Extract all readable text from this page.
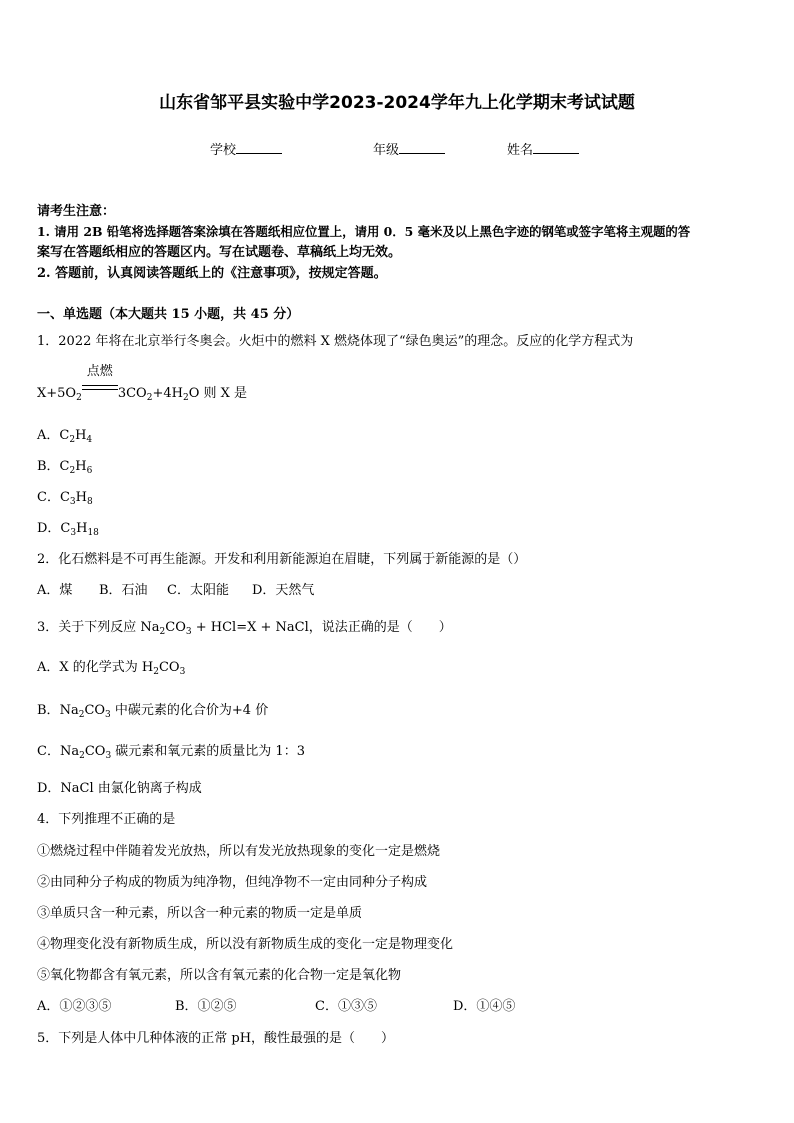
山东省邹平县实验中学2023-2024学年九上化学期末考试试题
学校	年级	姓名
请考生注意：
1. 请用 2B 铅笔将选择题答案涂填在答题纸相应位置上，请用 0．5 毫米及以上黑色字迹的钢笔或签字笔将主观题的答
案写在答题纸相应的答题区内。写在试题卷、草稿纸上均无效。
2. 答题前，认真阅读答题纸上的《注意事项》，按规定答题。
一、单选题（本大题共 15 小题，共 45 分）
1．2022 年将在北京举行冬奥会。火炬中的燃料 X 燃烧体现了“绿色奥运”的理念。反应的化学方程式为
$X+5O_2$
点燃
$3CO_2+4H_2O$ 则 X 是
A．$C_2H_4$
B．$C_2H_6$
C．$C_3H_8$
D．$C_3H_{18}$
2．化石燃料是不可再生能源。开发和利用新能源迫在眉睫，下列属于新能源的是（）
A．煤 B．石油 C．太阳能 D．天然气
3．关于下列反应 $Na_2CO_3 + HCl=X$ + NaCl，说法正确的是（　　）
A．X 的化学式为 $H_2CO_3$
B．$Na_2CO_3$ 中碳元素的化合价为+4 价
C．$Na_2CO_3$ 碳元素和氧元素的质量比为 1：3
D．NaCl 由氯化钠离子构成
4．下列推理不正确的是
①燃烧过程中伴随着发光放热，所以有发光放热现象的变化一定是燃烧
②由同种分子构成的物质为纯净物，但纯净物不一定由同种分子构成
③单质只含一种元素，所以含一种元素的物质一定是单质
④物理变化没有新物质生成，所以没有新物质生成的变化一定是物理变化
⑤氧化物都含有氧元素，所以含有氧元素的化合物一定是氧化物
A．①②③⑤	B．①②⑤	C．①③⑤	D．①④⑤
5．下列是人体中几种体液的正常 pH，酸性最强的是（　　）
